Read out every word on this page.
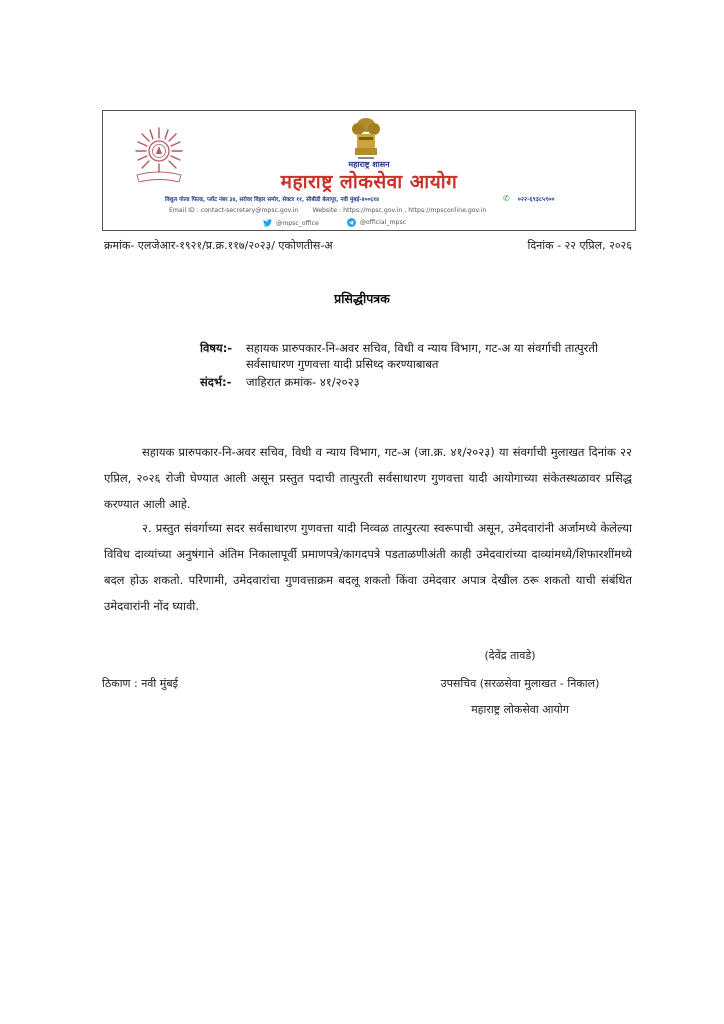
महाराष्ट्र शासन
महाराष्ट्र लोकसेवा आयोग
विशुल गोल्ड फिल्ड, प्लॉट नंबर ३४, सरोवर विहार समोर, सेक्टर ११, सीबीडी बेलापूर, नवी मुंबई-४००६१४	✆ ०२२-६९३८५९००
Email ID : contact-secretary@mpsc.gov.in Website : https://mpsc.gov.in , https://mpsconline.gov.in
@mpsc_office
	@official_mpsc
क्रमांक- एलजेआर-१९२१/प्र.क्र.११७/२०२३/ एकोणतीस-अ	दिनांक - २२ एप्रिल, २०२६
प्रसिद्धीपत्रक
विषय:- सहायक प्रारुपकार-नि-अवर सचिव, विधी व न्याय विभाग, गट-अ या संवर्गाची तात्पुरती सर्वसाधारण गुणवत्ता यादी प्रसिध्द करण्याबाबत
संदर्भ:- जाहिरात क्रमांक- ४१/२०२३

सहायक प्रारुपकार-नि-अवर सचिव, विधी व न्याय विभाग, गट-अ (जा.क्र. ४१/२०२३) या संवर्गाची मुलाखत दिनांक २२ एप्रिल, २०२६ रोजी घेण्यात आली असून प्रस्तुत पदाची तात्पुरती सर्वसाधारण गुणवत्ता यादी आयोगाच्या संकेतस्थळावर प्रसिद्ध करण्यात आली आहे.

२. प्रस्तुत संवर्गाच्या सदर सर्वसाधारण गुणवत्ता यादी निव्वळ तात्पुरत्या स्वरूपाची असून, उमेदवारांनी अर्जामध्ये केलेल्या विविध दाव्यांच्या अनुषंगाने अंतिम निकालापूर्वी प्रमाणपत्रे/कागदपत्रे पडताळणीअंती काही उमेदवारांच्या दाव्यांमध्ये/शिफारशींमध्ये बदल होऊ शकतो. परिणामी, उमेदवारांचा गुणवत्ताक्रम बदलू शकतो किंवा उमेदवार अपात्र देखील ठरू शकतो याची संबंधित उमेदवारांनी नोंद घ्यावी.

(देवेंद्र तावडे)
ठिकाण : नवी मुंबई	उपसचिव (सरळसेवा मुलाखत - निकाल)
महाराष्ट्र लोकसेवा आयोग
